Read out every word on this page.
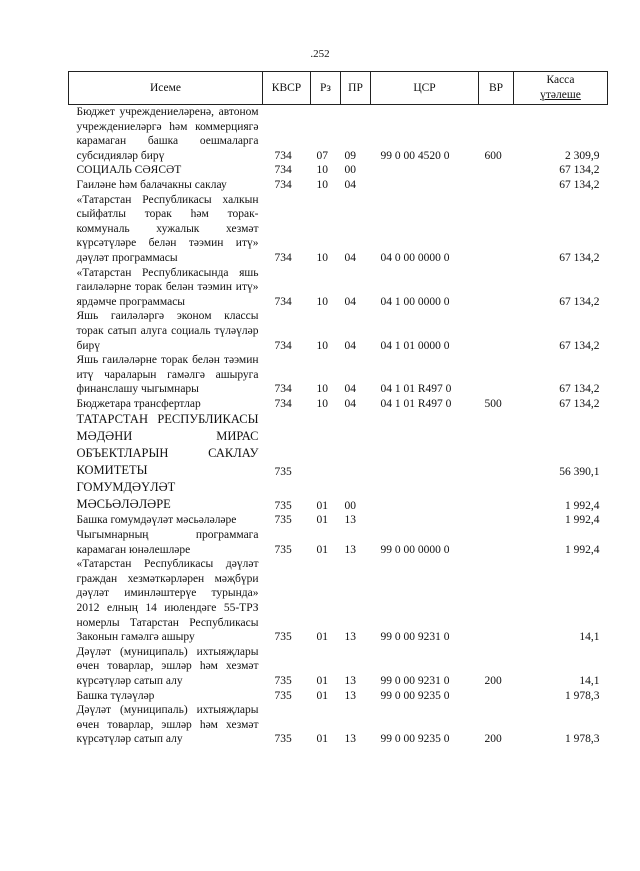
.252
Исеме	КВСР	Рз	ПР	ЦСР	ВР	Касса
үтәлеше

Бюджет учреждениеләренә, автоном учреждениеләргә һәм коммерциягә карамаган башка оешмаларга субсидияләр бирү	734	07	09	99 0 00 4520 0	600	2 309,9
СОЦИАЛЬ СӘЯСӘТ	734	10	00			67 134,2
Гаиләне һәм балачакны саклау	734	10	04			67 134,2
«Татарстан Республикасы халкын сыйфатлы торак һәм торак-коммуналь хужалык хезмәт күрсәтүләре белән тәэмин итү» дәүләт программасы	734	10	04	04 0 00 0000 0		67 134,2
«Татарстан Республикасында яшь гаиләләрне торак белән тәэмин итү» ярдәмче программасы	734	10	04	04 1 00 0000 0		67 134,2
Яшь гаиләләргә эконом классы торак сатып алуга социаль түләүләр бирү	734	10	04	04 1 01 0000 0		67 134,2
Яшь гаиләләрне торак белән тәэмин итү чараларын гамәлгә ашыруга финанслашу чыгымнары	734	10	04	04 1 01 R497 0		67 134,2
Бюджетара трансфертлар	734	10	04	04 1 01 R497 0	500	67 134,2
ТАТАРСТАН РЕСПУБЛИКАСЫ МӘДӘНИ МИРАС ОБЪЕКТЛАРЫН САКЛАУ КОМИТЕТЫ	735					56 390,1
ГОМУМДӘҮЛӘТ МӘСЬӘЛӘЛӘРЕ	735	01	00			1 992,4
Башка гомумдәүләт мәсьәләләре	735	01	13			1 992,4
Чыгымнарның программага карамаган юнәлешләре	735	01	13	99 0 00 0000 0		1 992,4
«Татарстан Республикасы дәүләт граждан хезмәткәрләрен мәҗбүри дәүләт иминләштерүе турында» 2012 елның 14 июлендәге 55-ТРЗ номерлы Татарстан Республикасы Законын гамәлгә ашыру	735	01	13	99 0 00 9231 0		14,1
Дәүләт (муниципаль) ихтыяҗлары өчен товарлар, эшләр һәм хезмәт күрсәтүләр сатып алу	735	01	13	99 0 00 9231 0	200	14,1
Башка түләүләр	735	01	13	99 0 00 9235 0		1 978,3
Дәүләт (муниципаль) ихтыяҗлары өчен товарлар, эшләр һәм хезмәт күрсәтүләр сатып алу	735	01	13	99 0 00 9235 0	200	1 978,3
